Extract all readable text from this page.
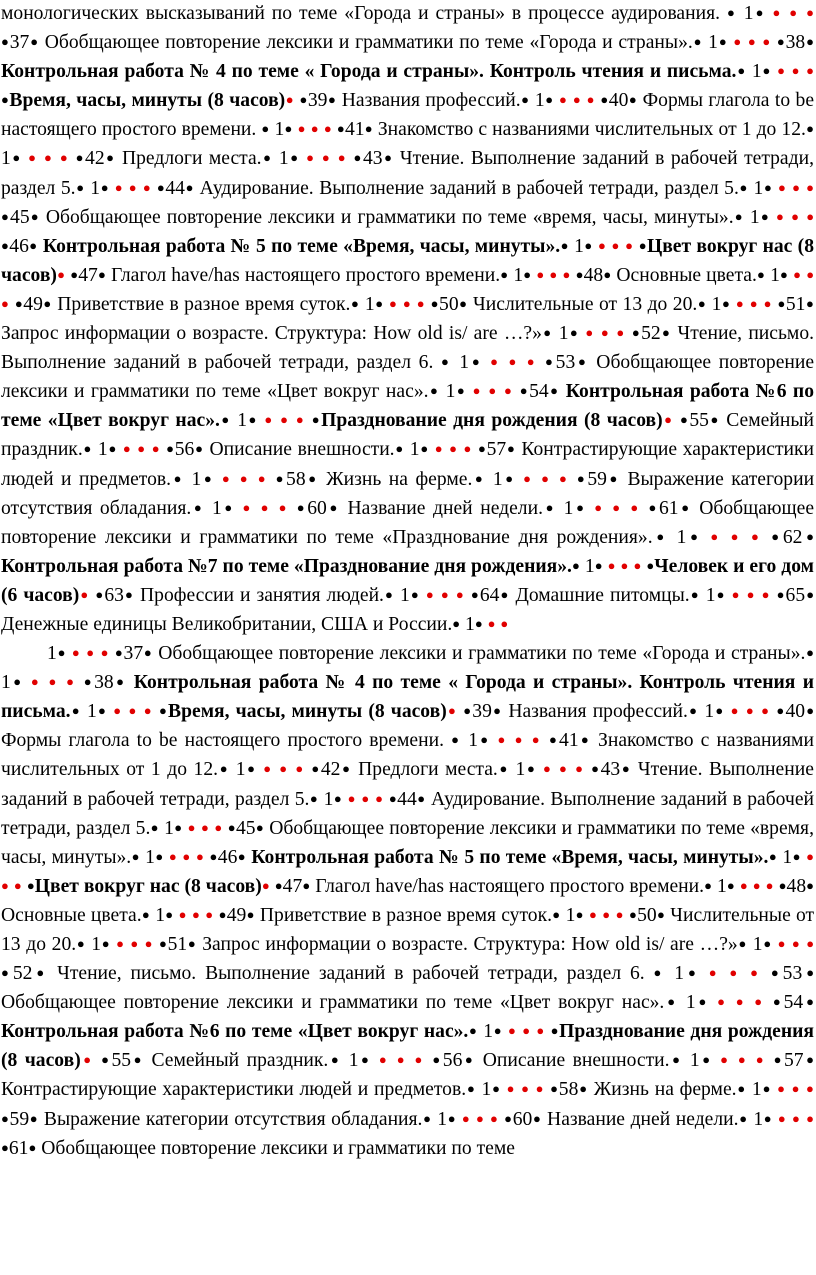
монологических высказываний по теме «Города и страны» в процессе аудирования. ● 1● ● ● ● ●37● Обобщающее повторение лексики и грамматики по теме «Города и страны».● 1● ● ● ● ●38● Контрольная работа № 4 по теме « Города и страны». Контроль чтения и письма.● 1● ● ● ● ●Время, часы, минуты (8 часов)● ●39● Названия профессий.● 1● ● ● ● ●40● Формы глагола to be настоящего простого времени. ● 1● ● ● ● ●41● Знакомство с названиями числительных от 1 до 12.● 1● ● ● ● ●42● Предлоги места.● 1● ● ● ● ●43● Чтение. Выполнение заданий в рабочей тетради, раздел 5.● 1● ● ● ● ●44● Аудирование. Выполнение заданий в рабочей тетради, раздел 5.● 1● ● ● ● ●45● Обобщающее повторение лексики и грамматики по теме «время, часы, минуты».● 1● ● ● ● ●46● Контрольная работа № 5 по теме «Время, часы, минуты».● 1● ● ● ● ●Цвет вокруг нас (8 часов)● ●47● Глагол have/has настоящего простого времени.● 1● ● ● ● ●48● Основные цвета.● 1● ● ● ● ●49● Приветствие в разное время суток.● 1● ● ● ● ●50● Числительные от 13 до 20.● 1● ● ● ● ●51● Запрос информации о возрасте. Структура: How old is/ are …?»● 1● ● ● ● ●52● Чтение, письмо. Выполнение заданий в рабочей тетради, раздел 6. ● 1● ● ● ● ●53● Обобщающее повторение лексики и грамматики по теме «Цвет вокруг нас».● 1● ● ● ● ●54● Контрольная работа №6 по теме «Цвет вокруг нас».● 1● ● ● ● ●Празднование дня рождения (8 часов)● ●55● Семейный праздник.● 1● ● ● ● ●56● Описание внешности.● 1● ● ● ● ●57● Контрастирующие характеристики людей и предметов.● 1● ● ● ● ●58● Жизнь на ферме.● 1● ● ● ● ●59● Выражение категории отсутствия обладания.● 1● ● ● ● ●60● Название дней недели.● 1● ● ● ● ●61● Обобщающее повторение лексики и грамматики по теме «Празднование дня рождения».● 1● ● ● ● ●62● Контрольная работа №7 по теме «Празднование дня рождения».● 1● ● ● ● ●Человек и его дом (6 часов)● ●63● Профессии и занятия людей.● 1● ● ● ● ●64● Домашние питомцы.● 1● ● ● ● ●65● Денежные единицы Великобритании, США и России.● 1● ● ●

1● ● ● ● ●37● Обобщающее повторение лексики и грамматики по теме «Города и страны».● 1● ● ● ● ●38● Контрольная работа № 4 по теме « Города и страны». Контроль чтения и письма.● 1● ● ● ● ●Время, часы, минуты (8 часов)● ●39● Названия профессий.● 1● ● ● ● ●40● Формы глагола to be настоящего простого времени. ● 1● ● ● ● ●41● Знакомство с названиями числительных от 1 до 12.● 1● ● ● ● ●42● Предлоги места.● 1● ● ● ● ●43● Чтение. Выполнение заданий в рабочей тетради, раздел 5.● 1● ● ● ● ●44● Аудирование. Выполнение заданий в рабочей тетради, раздел 5.● 1● ● ● ● ●45● Обобщающее повторение лексики и грамматики по теме «время, часы, минуты».● 1● ● ● ● ●46● Контрольная работа № 5 по теме «Время, часы, минуты».● 1● ● ● ● ●Цвет вокруг нас (8 часов)● ●47● Глагол have/has настоящего простого времени.● 1● ● ● ● ●48● Основные цвета.● 1● ● ● ● ●49● Приветствие в разное время суток.● 1● ● ● ● ●50● Числительные от 13 до 20.● 1● ● ● ● ●51● Запрос информации о возрасте. Структура: How old is/ are …?»● 1● ● ● ● ●52● Чтение, письмо. Выполнение заданий в рабочей тетради, раздел 6. ● 1● ● ● ● ●53● Обобщающее повторение лексики и грамматики по теме «Цвет вокруг нас».● 1● ● ● ● ●54● Контрольная работа №6 по теме «Цвет вокруг нас».● 1● ● ● ● ●Празднование дня рождения (8 часов)● ●55● Семейный праздник.● 1● ● ● ● ●56● Описание внешности.● 1● ● ● ● ●57● Контрастирующие характеристики людей и предметов.● 1● ● ● ● ●58● Жизнь на ферме.● 1● ● ● ● ●59● Выражение категории отсутствия обладания.● 1● ● ● ● ●60● Название дней недели.● 1● ● ● ● ●61● Обобщающее повторение лексики и грамматики по теме
